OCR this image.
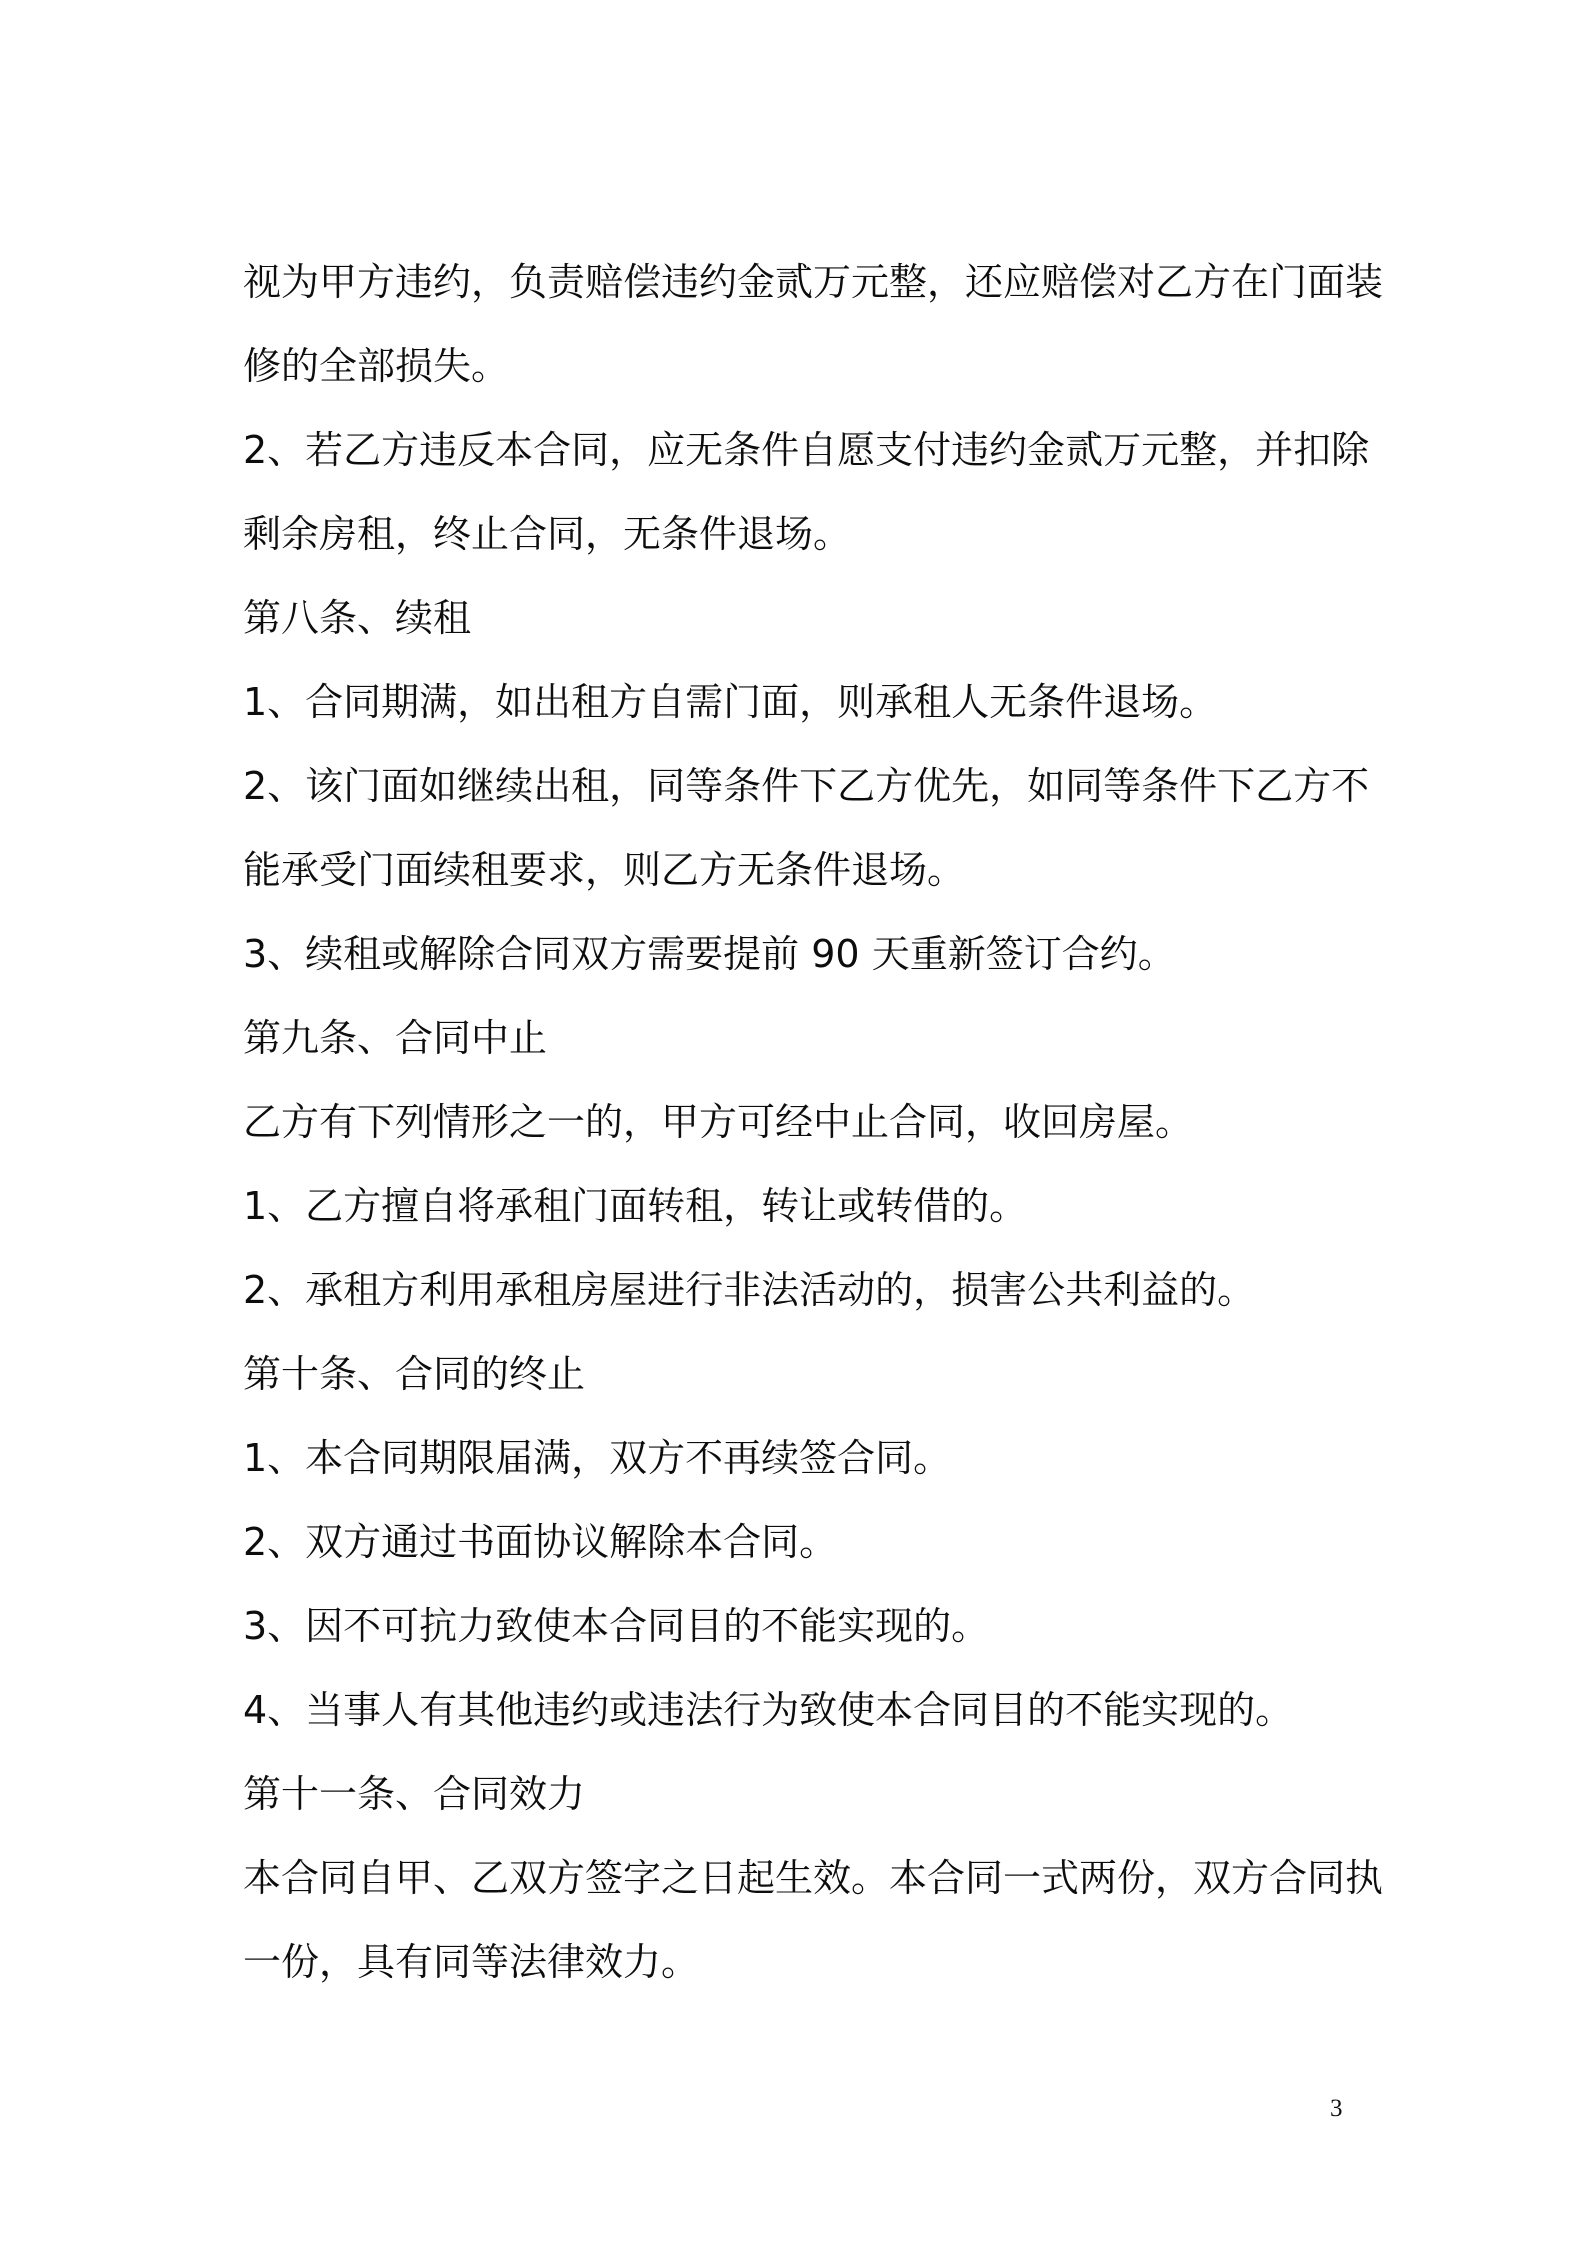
视为甲方违约，负责赔偿违约金贰万元整，还应赔偿对乙方在门面装
修的全部损失。
2、若乙方违反本合同，应无条件自愿支付违约金贰万元整，并扣除
剩余房租，终止合同，无条件退场。
第八条、续租
1、合同期满，如出租方自需门面，则承租人无条件退场。
2、该门面如继续出租，同等条件下乙方优先，如同等条件下乙方不
能承受门面续租要求，则乙方无条件退场。
3、续租或解除合同双方需要提前 90 天重新签订合约。
第九条、合同中止
乙方有下列情形之一的，甲方可经中止合同，收回房屋。
1、乙方擅自将承租门面转租，转让或转借的。
2、承租方利用承租房屋进行非法活动的，损害公共利益的。
第十条、合同的终止
1、本合同期限届满，双方不再续签合同。
2、双方通过书面协议解除本合同。
3、因不可抗力致使本合同目的不能实现的。
4、当事人有其他违约或违法行为致使本合同目的不能实现的。
第十一条、合同效力
本合同自甲、乙双方签字之日起生效。本合同一式两份，双方合同执
一份，具有同等法律效力。
3
